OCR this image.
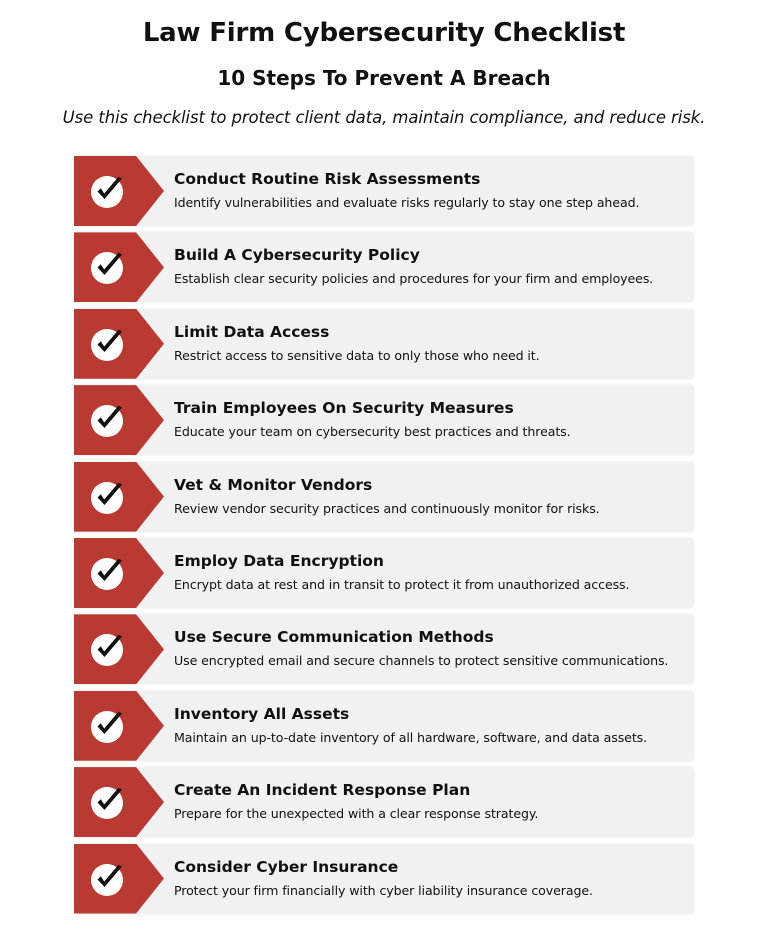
Law Firm Cybersecurity Checklist
10 Steps To Prevent A Breach
Use this checklist to protect client data, maintain compliance, and reduce risk.
Conduct Routine Risk Assessments
Identify vulnerabilities and evaluate risks regularly to stay one step ahead.
Build A Cybersecurity Policy
Establish clear security policies and procedures for your firm and employees.
Limit Data Access
Restrict access to sensitive data to only those who need it.
Train Employees On Security Measures
Educate your team on cybersecurity best practices and threats.
Vet & Monitor Vendors
Review vendor security practices and continuously monitor for risks.
Employ Data Encryption
Encrypt data at rest and in transit to protect it from unauthorized access.
Use Secure Communication Methods
Use encrypted email and secure channels to protect sensitive communications.
Inventory All Assets
Maintain an up-to-date inventory of all hardware, software, and data assets.
Create An Incident Response Plan
Prepare for the unexpected with a clear response strategy.
Consider Cyber Insurance
Protect your firm financially with cyber liability insurance coverage.
